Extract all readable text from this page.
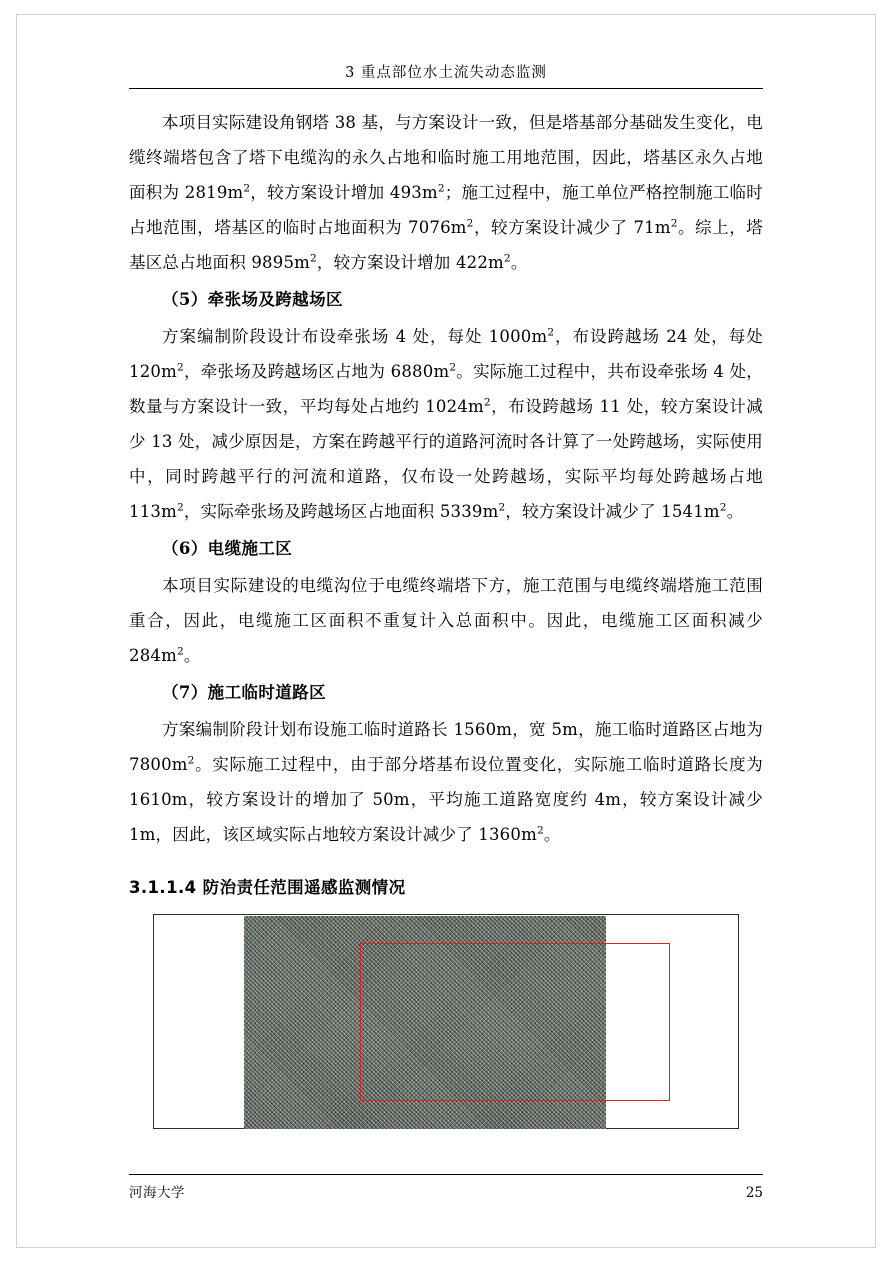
3 重点部位水土流失动态监测

本项目实际建设角钢塔 38 基，与方案设计一致，但是塔基部分基础发生变化，电缆终端塔包含了塔下电缆沟的永久占地和临时施工用地范围，因此，塔基区永久占地面积为 $2819m^2$，较方案设计增加 $493m^2$；施工过程中，施工单位严格控制施工临时占地范围，塔基区的临时占地面积为 $7076m^2$，较方案设计减少了 $71m^2$。综上，塔基区总占地面积 $9895m^2$，较方案设计增加 $422m^2$。

（5）牵张场及跨越场区

方案编制阶段设计布设牵张场 4 处，每处 $1000m^2$，布设跨越场 24 处，每处 $120m^2$，牵张场及跨越场区占地为 $6880m^2$。实际施工过程中，共布设牵张场 4 处，数量与方案设计一致，平均每处占地约 $1024m^2$，布设跨越场 11 处，较方案设计减少 13 处，减少原因是，方案在跨越平行的道路河流时各计算了一处跨越场，实际使用中，同时跨越平行的河流和道路，仅布设一处跨越场，实际平均每处跨越场占地 $113m^2$，实际牵张场及跨越场区占地面积 $5339m^2$，较方案设计减少了 $1541m^2$。

（6）电缆施工区

本项目实际建设的电缆沟位于电缆终端塔下方，施工范围与电缆终端塔施工范围重合，因此，电缆施工区面积不重复计入总面积中。因此，电缆施工区面积减少 $284m^2$。

（7）施工临时道路区

方案编制阶段计划布设施工临时道路长 1560m，宽 5m，施工临时道路区占地为 $7800m^2$。实际施工过程中，由于部分塔基布设位置变化，实际施工临时道路长度为 1610m，较方案设计的增加了 50m，平均施工道路宽度约 4m，较方案设计减少 1m，因此，该区域实际占地较方案设计减少了 $1360m^2$。

3.1.1.4 防治责任范围遥感监测情况
河海大学	25
